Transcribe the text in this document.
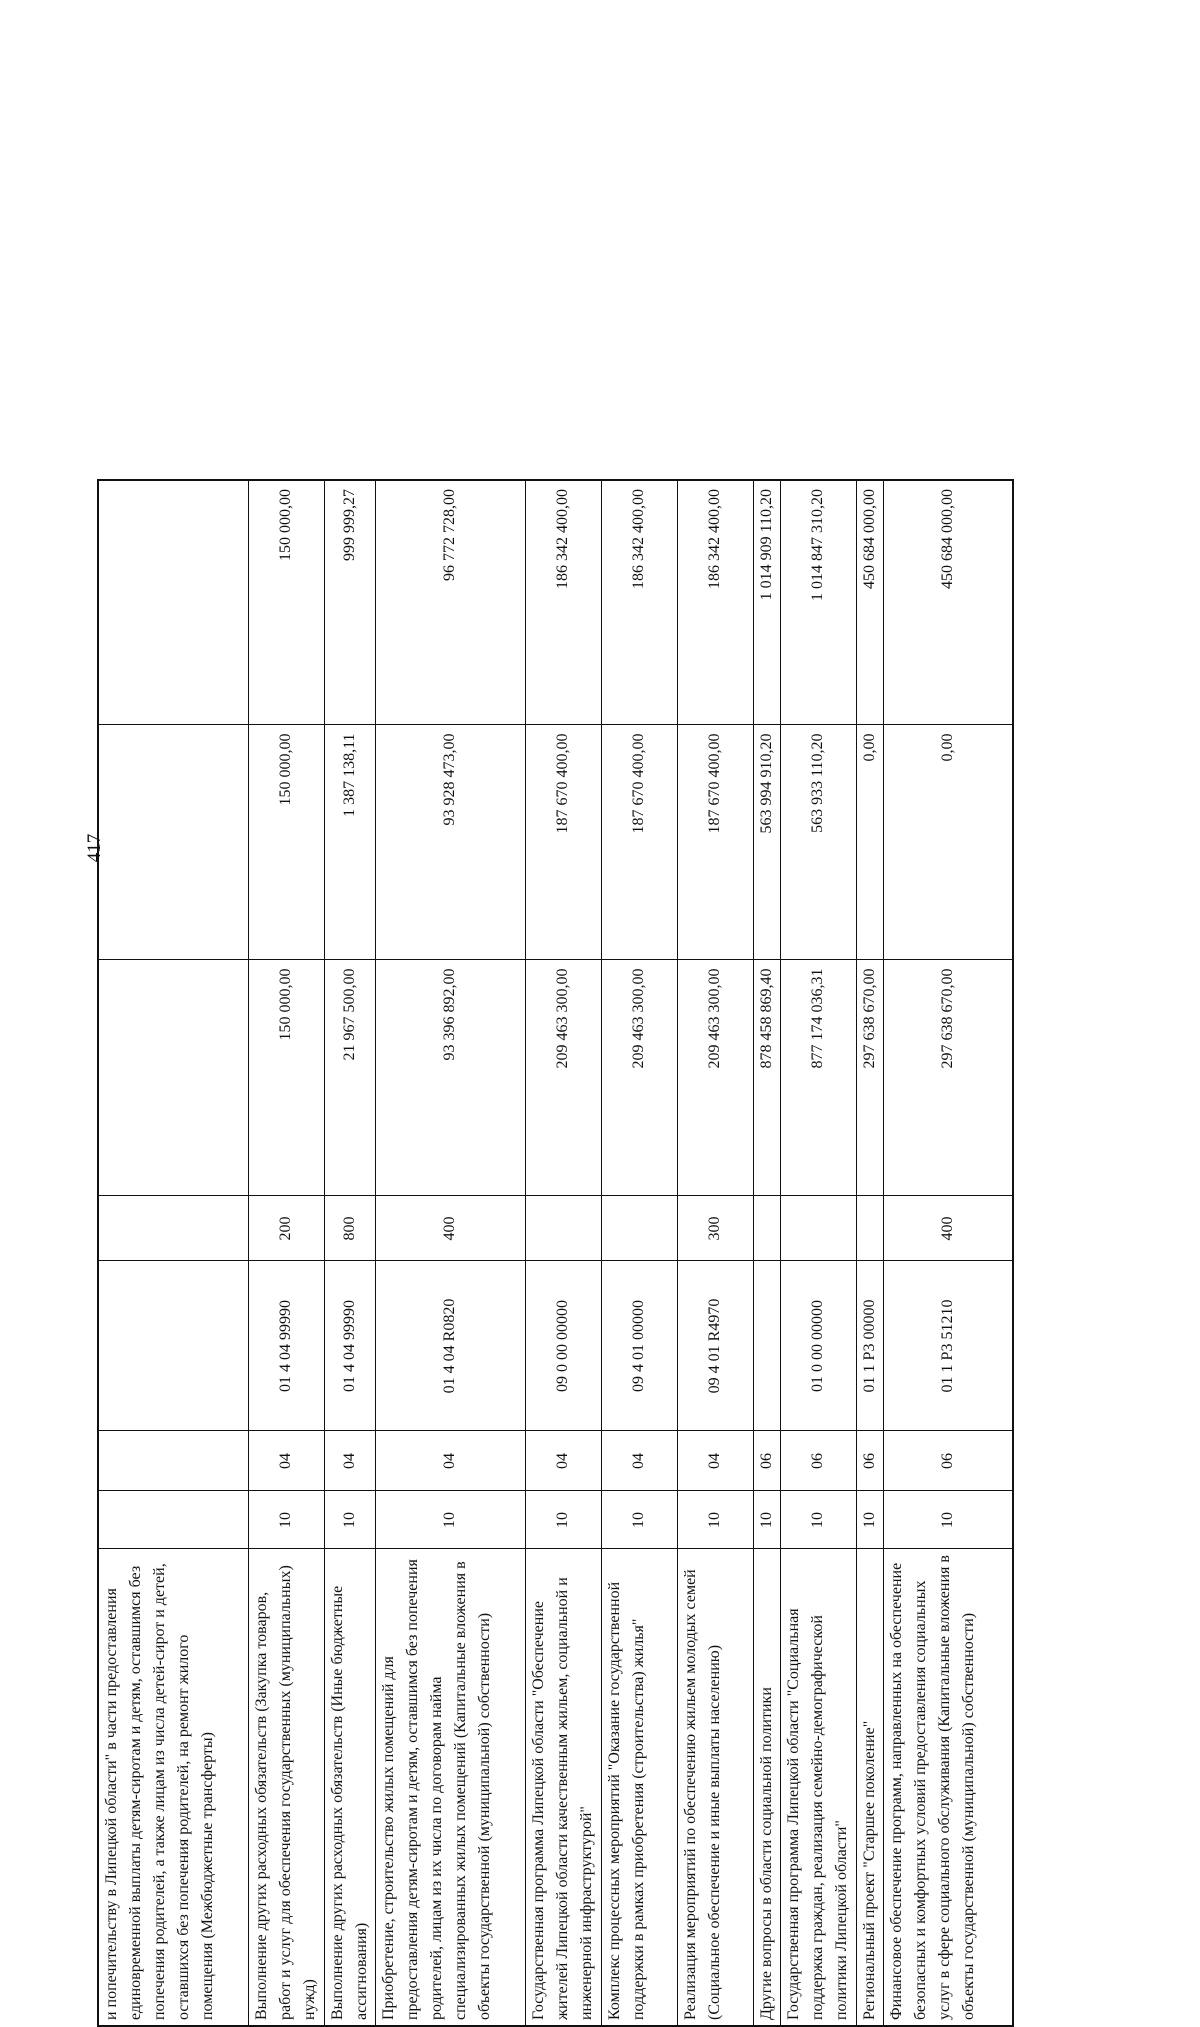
417
и попечительству в Липецкой области" в части предоставления единовременной выплаты детям-сиротам и детям, оставшимся без попечения родителей, а также лицам из числа детей-сирот и детей, оставшихся без попечения родителей, на ремонт жилого помещения (Межбюджетные трансферты)							
Выполнение других расходных обязательств (Закупка товаров, работ и услуг для обеспечения государственных (муниципальных) нужд)	10	04	01 4 04 99990	200	150 000,00	150 000,00	150 000,00
Выполнение других расходных обязательств (Иные бюджетные ассигнования)	10	04	01 4 04 99990	800	21 967 500,00	1 387 138,11	999 999,27
Приобретение, строительство жилых помещений для предоставления детям-сиротам и детям, оставшимся без попечения родителей, лицам из их числа по договорам найма специализированных жилых помещений (Капитальные вложения в объекты государственной (муниципальной) собственности)	10	04	01 4 04 R0820	400	93 396 892,00	93 928 473,00	96 772 728,00
Государственная программа Липецкой области "Обеспечение жителей Липецкой области качественным жильем, социальной и инженерной инфраструктурой"	10	04	09 0 00 00000		209 463 300,00	187 670 400,00	186 342 400,00
Комплекс процессных мероприятий "Оказание государственной поддержки в рамках приобретения (строительства) жилья"	10	04	09 4 01 00000		209 463 300,00	187 670 400,00	186 342 400,00
Реализация мероприятий по обеспечению жильем молодых семей (Социальное обеспечение и иные выплаты населению)	10	04	09 4 01 R4970	300	209 463 300,00	187 670 400,00	186 342 400,00
Другие вопросы в области социальной политики	10	06			878 458 869,40	563 994 910,20	1 014 909 110,20
Государственная программа Липецкой области "Социальная поддержка граждан, реализация семейно-демографической политики Липецкой области"	10	06	01 0 00 00000		877 174 036,31	563 933 110,20	1 014 847 310,20
Региональный проект "Старшее поколение"	10	06	01 1 P3 00000		297 638 670,00	0,00	450 684 000,00
Финансовое обеспечение программ, направленных на обеспечение безопасных и комфортных условий предоставления социальных услуг в сфере социального обслуживания (Капитальные вложения в объекты государственной (муниципальной) собственности)	10	06	01 1 P3 51210	400	297 638 670,00	0,00	450 684 000,00
